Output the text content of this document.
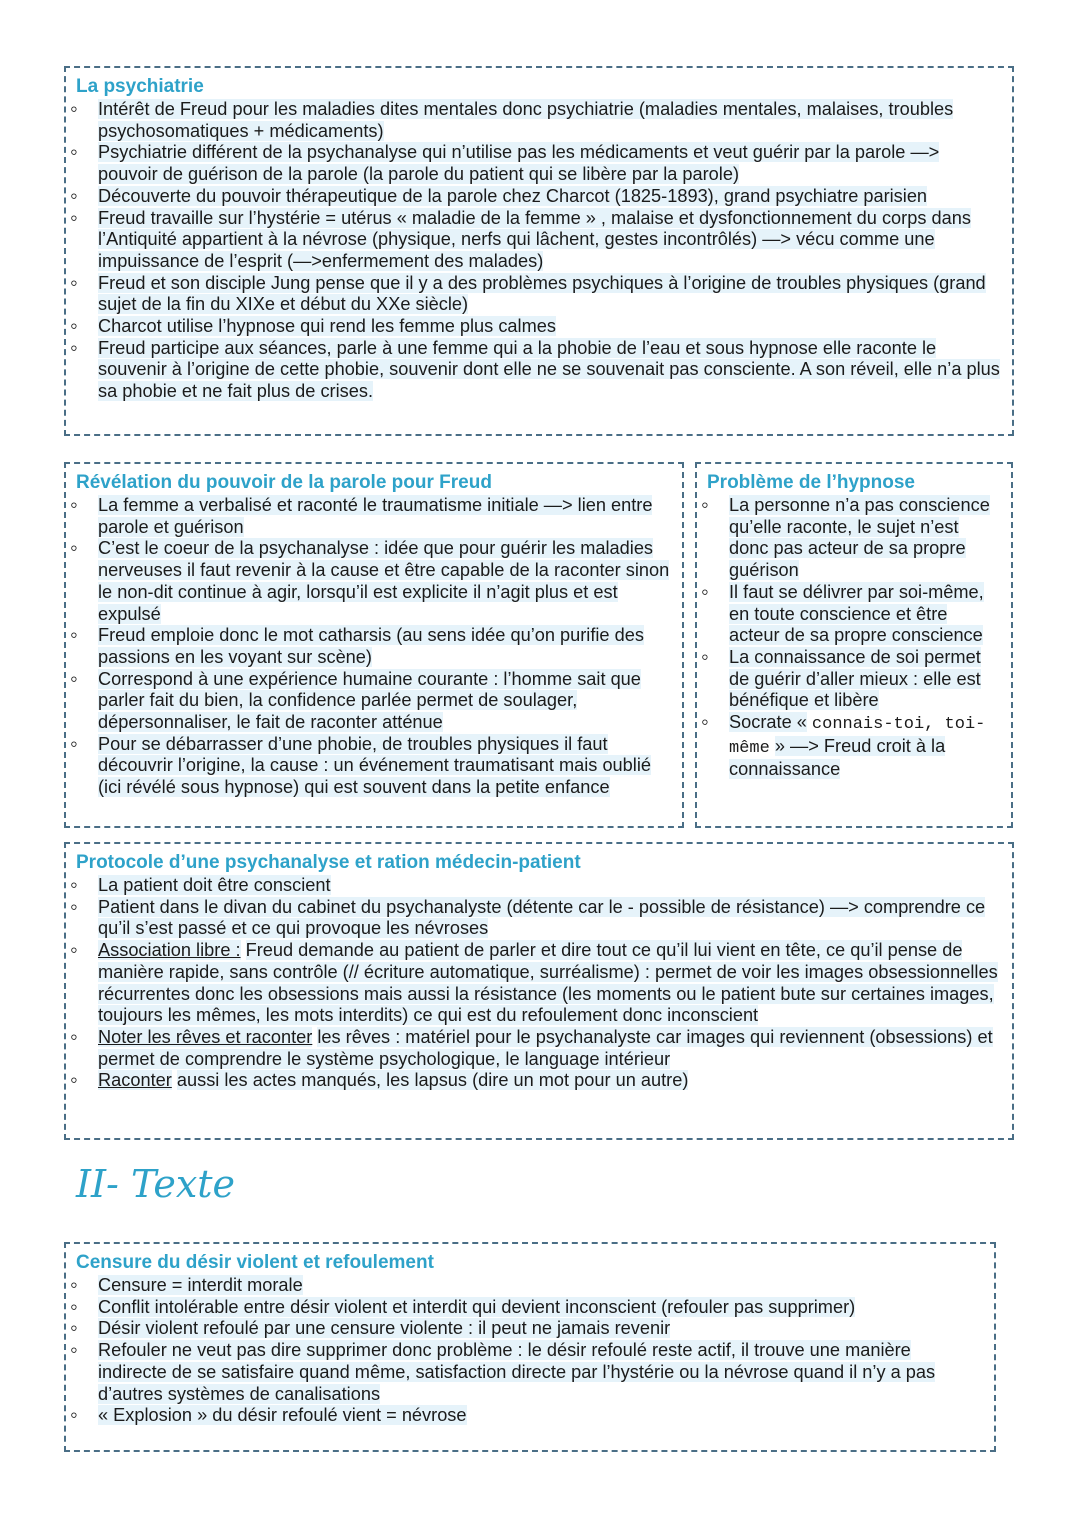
La psychiatrie
◦ Intérêt de Freud pour les maladies dites mentales donc psychiatrie (maladies mentales, malaises, troubles psychosomatiques + médicaments)
◦ Psychiatrie différent de la psychanalyse qui n’utilise pas les médicaments et veut guérir par la parole —> pouvoir de guérison de la parole (la parole du patient qui se libère par la parole)
◦ Découverte du pouvoir thérapeutique de la parole chez Charcot (1825-1893), grand psychiatre parisien
◦ Freud travaille sur l’hystérie = utérus « maladie de la femme » , malaise et dysfonctionnement du corps dans l’Antiquité appartient à la névrose (physique, nerfs qui lâchent, gestes incontrôlés) —> vécu comme une impuissance de l’esprit (—>enfermement des malades)
◦ Freud et son disciple Jung pense que il y a des problèmes psychiques à l’origine de troubles physiques (grand sujet de la fin du XIXe et début du XXe siècle)
◦ Charcot utilise l’hypnose qui rend les femme plus calmes
◦ Freud participe aux séances, parle à une femme qui a la phobie de l’eau et sous hypnose elle raconte le souvenir à l’origine de cette phobie, souvenir dont elle ne se souvenait pas consciente. A son réveil, elle n’a plus sa phobie et ne fait plus de crises.
Révélation du pouvoir de la parole pour Freud
◦ La femme a verbalisé et raconté le traumatisme initiale —> lien entre parole et guérison
◦ C’est le coeur de la psychanalyse : idée que pour guérir les maladies nerveuses il faut revenir à la cause et être capable de la raconter sinon le non-dit continue à agir, lorsqu’il est explicite il n’agit plus et est expulsé
◦ Freud emploie donc le mot catharsis (au sens idée qu’on purifie des passions en les voyant sur scène)
◦ Correspond à une expérience humaine courante : l’homme sait que parler fait du bien, la confidence parlée permet de soulager, dépersonnaliser, le fait de raconter atténue
◦ Pour se débarrasser d’une phobie, de troubles physiques il faut découvrir l’origine, la cause : un événement traumatisant mais oublié (ici révélé sous hypnose) qui est souvent dans la petite enfance
Problème de l’hypnose
◦ La personne n’a pas conscience qu’elle raconte, le sujet n’est donc pas acteur de sa propre guérison
◦ Il faut se délivrer par soi-même, en toute conscience et être acteur de sa propre conscience
◦ La connaissance de soi permet de guérir d’aller mieux : elle est bénéfique et libère
◦ Socrate « connais-toi, toi-même » —> Freud croit à la connaissance
Protocole d’une psychanalyse et ration médecin-patient
◦ La patient doit être conscient
◦ Patient dans le divan du cabinet du psychanalyste (détente car le - possible de résistance) —> comprendre ce qu’il s’est passé et ce qui provoque les névroses
◦ Association libre : Freud demande au patient de parler et dire tout ce qu’il lui vient en tête, ce qu’il pense de manière rapide, sans contrôle (// écriture automatique, surréalisme) : permet de voir les images obsessionnelles récurrentes donc les obsessions mais aussi la résistance (les moments ou le patient bute sur certaines images, toujours les mêmes, les mots interdits) ce qui est du refoulement donc inconscient
◦ Noter les rêves et raconter les rêves : matériel pour le psychanalyste car images qui reviennent (obsessions) et permet de comprendre le système psychologique, le language intérieur
◦ Raconter aussi les actes manqués, les lapsus (dire un mot pour un autre)
II- Texte
Censure du désir violent et refoulement
◦ Censure = interdit morale
◦ Conflit intolérable entre désir violent et interdit qui devient inconscient (refouler pas supprimer)
◦ Désir violent refoulé par une censure violente : il peut ne jamais revenir
◦ Refouler ne veut pas dire supprimer donc problème : le désir refoulé reste actif, il trouve une manière indirecte de se satisfaire quand même, satisfaction directe par l’hystérie ou la névrose quand il n’y a pas d’autres systèmes de canalisations
◦ « Explosion » du désir refoulé vient = névrose
